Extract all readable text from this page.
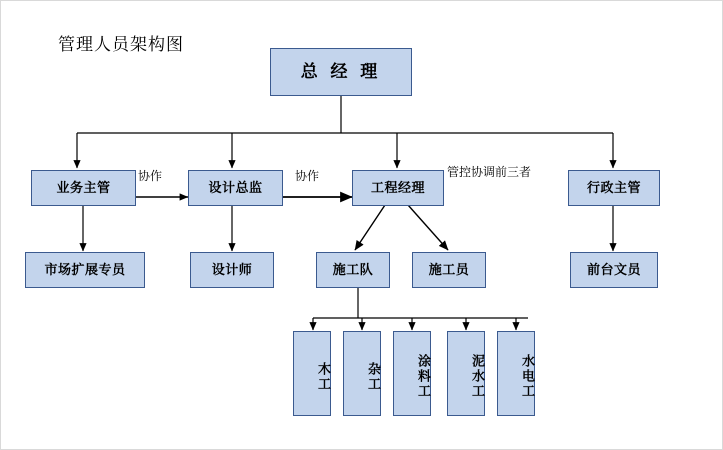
管理人员架构图
总 经 理
业务主管	设计总监	工程经理	行政主管
市场扩展专员	设计师	施工队	施工员	前台文员
木工	杂工	涂料工	泥水工	水电工
协作	协作	管控协调前三者
